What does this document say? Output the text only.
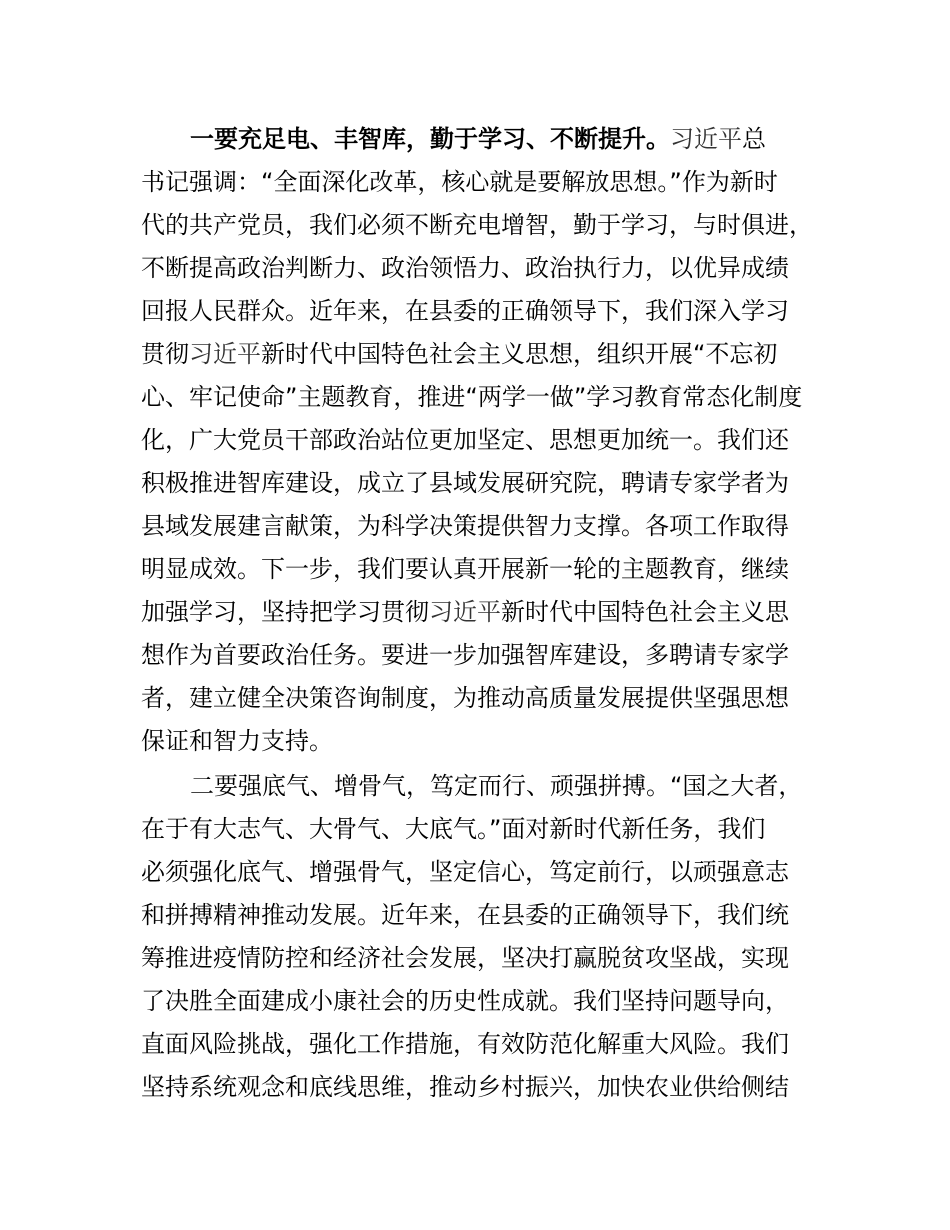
一要充足电、丰智库，勤于学习、不断提升。习近平总
书记强调：“全面深化改革，核心就是要解放思想。”作为新时
代的共产党员，我们必须不断充电增智，勤于学习，与时俱进，
不断提高政治判断力、政治领悟力、政治执行力，以优异成绩
回报人民群众。近年来，在县委的正确领导下，我们深入学习
贯彻习近平新时代中国特色社会主义思想，组织开展“不忘初
心、牢记使命”主题教育，推进“两学一做”学习教育常态化制度
化，广大党员干部政治站位更加坚定、思想更加统一。我们还
积极推进智库建设，成立了县域发展研究院，聘请专家学者为
县域发展建言献策，为科学决策提供智力支撑。各项工作取得
明显成效。下一步，我们要认真开展新一轮的主题教育，继续
加强学习，坚持把学习贯彻习近平新时代中国特色社会主义思
想作为首要政治任务。要进一步加强智库建设，多聘请专家学
者，建立健全决策咨询制度，为推动高质量发展提供坚强思想
保证和智力支持。
二要强底气、增骨气，笃定而行、顽强拼搏。“国之大者，
在于有大志气、大骨气、大底气。”面对新时代新任务，我们
必须强化底气、增强骨气，坚定信心，笃定前行，以顽强意志
和拼搏精神推动发展。近年来，在县委的正确领导下，我们统
筹推进疫情防控和经济社会发展，坚决打赢脱贫攻坚战，实现
了决胜全面建成小康社会的历史性成就。我们坚持问题导向，
直面风险挑战，强化工作措施，有效防范化解重大风险。我们
坚持系统观念和底线思维，推动乡村振兴，加快农业供给侧结
